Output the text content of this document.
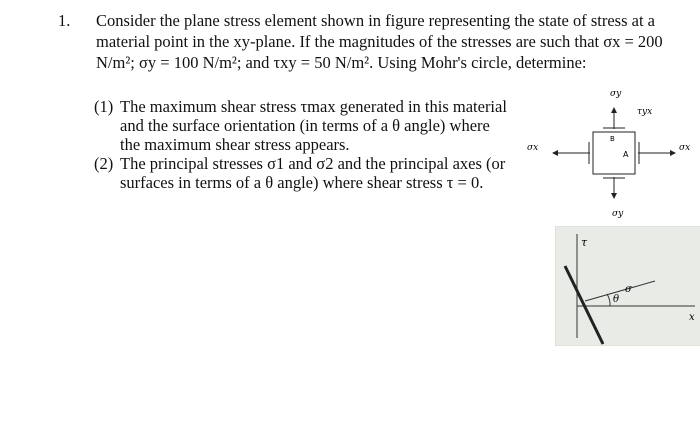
1. Consider the plane stress element shown in figure representing the state of stress at a material point in the xy-plane. If the magnitudes of the stresses are such that σx = 200 N/m²; σy = 100 N/m²; and τxy = 50 N/m². Using Mohr's circle, determine:
(1) The maximum shear stress τmax generated in this material and the surface orientation (in terms of a θ angle) where the maximum shear stress appears.
(2) The principal stresses σ1 and σ2 and the principal axes (or surfaces in terms of a θ angle) where shear stress τ = 0.
σy
σy
σx	σx
τyx
A
B
τ
σ
θ
x
